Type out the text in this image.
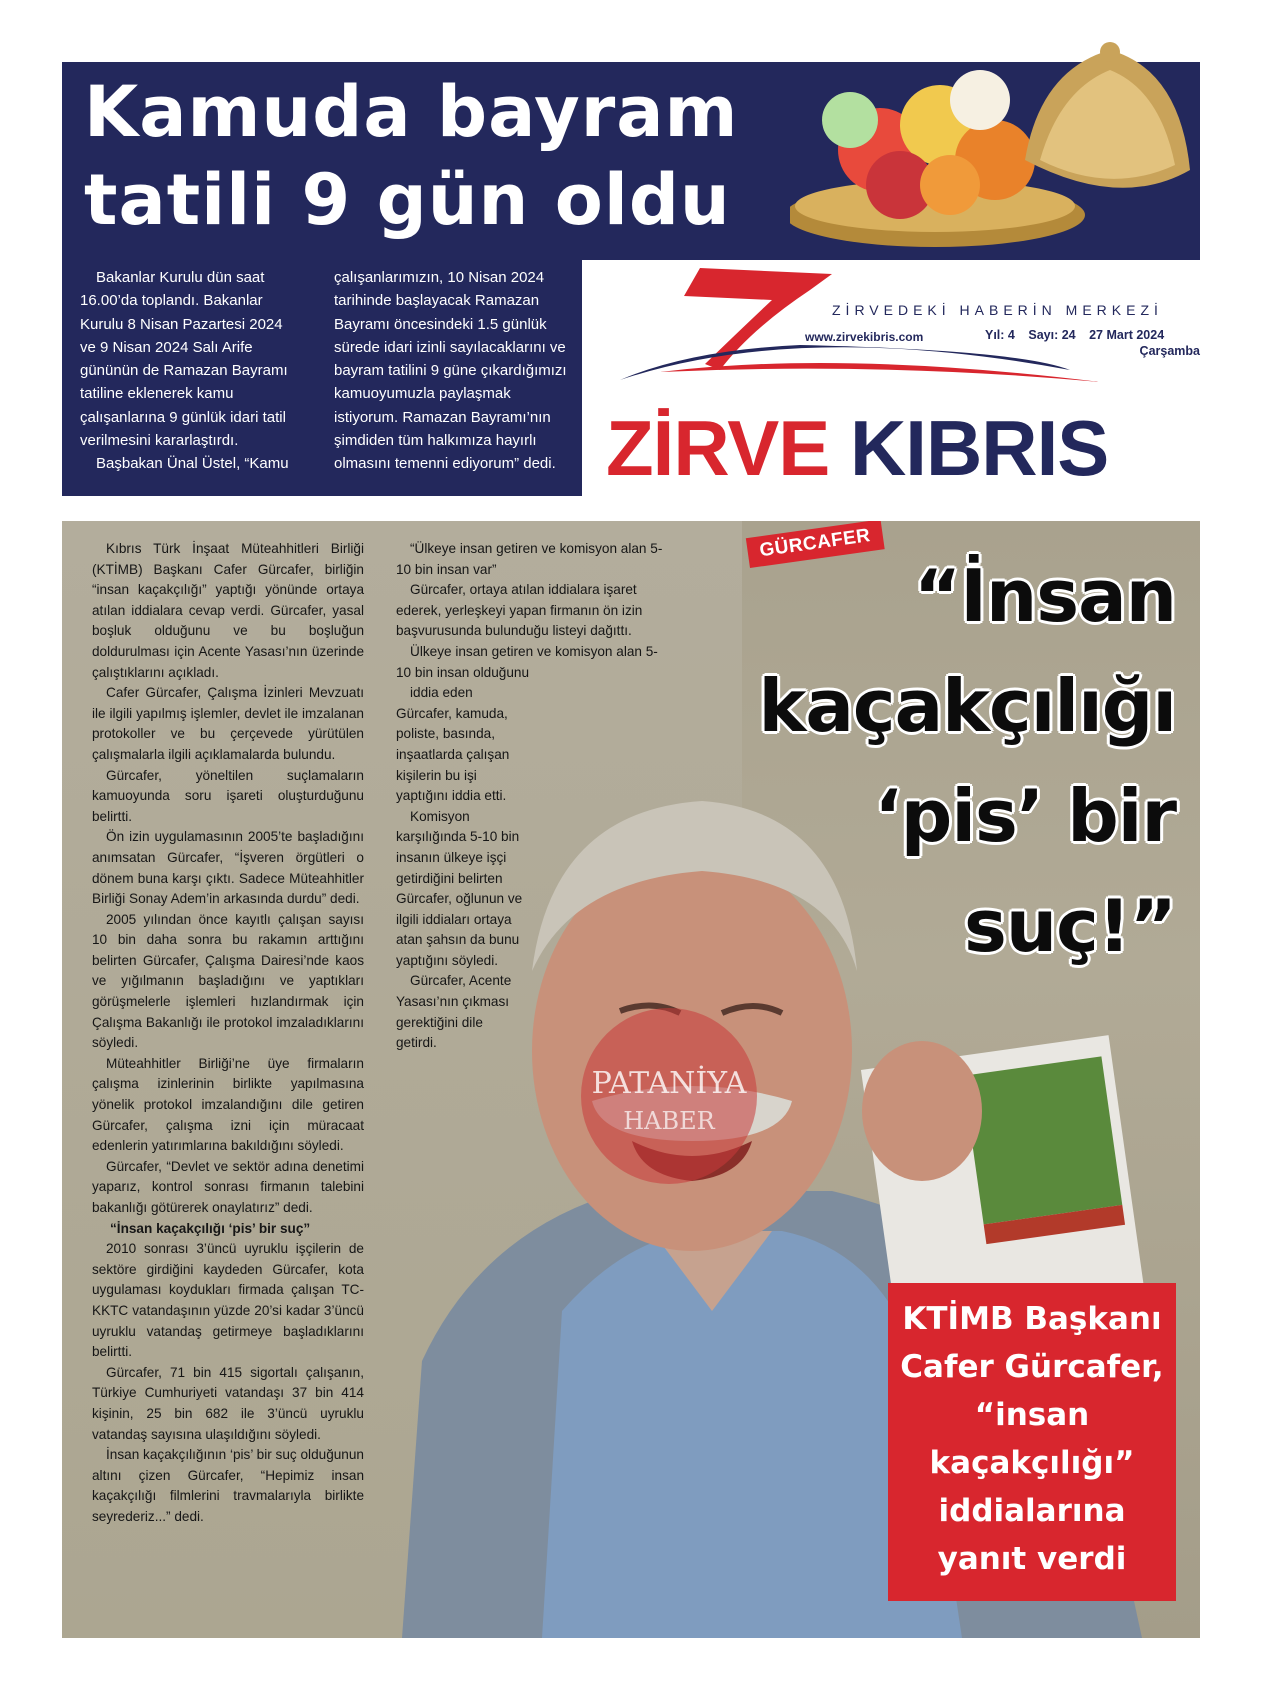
Kamuda bayram tatili 9 gün oldu

Bakanlar Kurulu dün saat 16.00’da toplandı. Bakanlar Kurulu 8 Nisan Pazartesi 2024 ve 9 Nisan 2024 Salı Arife gününün de Ramazan Bayramı tatiline eklenerek kamu çalışanlarına 9 günlük idari tatil verilmesini kararlaştırdı.

Başbakan Ünal Üstel, “Kamu

çalışanlarımızın, 10 Nisan 2024 tarihinde başlayacak Ramazan Bayramı öncesindeki 1.5 günlük sürede idari izinli sayılacaklarını ve bayram tatilini 9 güne çıkardığımızı kamuoyumuzla paylaşmak istiyorum. Ramazan Bayramı’nın şimdiden tüm halkımıza hayırlı olmasını temenni ediyorum” dedi.

ZİRVEDEKİ HABERİN MERKEZİ
www.zirvekibris.com	Yıl: 4 Sayı: 24 27 Mart 2024
Çarşamba
ZİRVE KIBRIS

Kıbrıs Türk İnşaat Müteahhitleri Birliği (KTİMB) Başkanı Cafer Gürcafer, birliğin “insan kaçakçılığı” yaptığı yönünde ortaya atılan iddialara cevap verdi. Gürcafer, yasal boşluk olduğunu ve bu boşluğun doldurulması için Acente Yasası’nın üzerinde çalıştıklarını açıkladı.

Cafer Gürcafer, Çalışma İzinleri Mevzuatı ile ilgili yapılmış işlemler, devlet ile imzalanan protokoller ve bu çerçevede yürütülen çalışmalarla ilgili açıklamalarda bulundu.

Gürcafer, yöneltilen suçlamaların kamuoyunda soru işareti oluşturduğunu belirtti.

Ön izin uygulamasının 2005’te başladığını anımsatan Gürcafer, “İşveren örgütleri o dönem buna karşı çıktı. Sadece Müteahhitler Birliği Sonay Adem’in arkasında durdu” dedi.

2005 yılından önce kayıtlı çalışan sayısı 10 bin daha sonra bu rakamın arttığını belirten Gürcafer, Çalışma Dairesi’nde kaos ve yığılmanın başladığını ve yaptıkları görüşmelerle işlemleri hızlandırmak için Çalışma Bakanlığı ile protokol imzaladıklarını söyledi.

Müteahhitler Birliği’ne üye firmaların çalışma izinlerinin birlikte yapılmasına yönelik protokol imzalandığını dile getiren Gürcafer, çalışma izni için müracaat edenlerin yatırımlarına bakıldığını söyledi.

Gürcafer, “Devlet ve sektör adına denetimi yaparız, kontrol sonrası firmanın talebini bakanlığı götürerek onaylatırız” dedi.

“İnsan kaçakçılığı ‘pis’ bir suç”

2010 sonrası 3’üncü uyruklu işçilerin de sektöre girdiğini kaydeden Gürcafer, kota uygulaması koydukları firmada çalışan TC-KKTC vatandaşının yüzde 20’si kadar 3’üncü uyruklu vatandaş getirmeye başladıklarını belirtti.

Gürcafer, 71 bin 415 sigortalı çalışanın, Türkiye Cumhuriyeti vatandaşı 37 bin 414 kişinin, 25 bin 682 ile 3’üncü uyruklu vatandaş sayısına ulaşıldığını söyledi.

İnsan kaçakçılığının ‘pis’ bir suç olduğunun altını çizen Gürcafer, “Hepimiz insan kaçakçılığı filmlerini travmalarıyla birlikte seyrederiz...” dedi.

“Ülkeye insan getiren ve komisyon alan 5-10 bin insan var”

Gürcafer, ortaya atılan iddialara işaret ederek, yerleşkeyi yapan firmanın ön izin başvurusunda bulunduğu listeyi dağıttı.

Ülkeye insan getiren ve komisyon alan 5-10 bin insan olduğunu

iddia eden Gürcafer, kamuda, poliste, basında, inşaatlarda çalışan kişilerin bu işi yaptığını iddia etti.

Komisyon karşılığında 5-10 bin insanın ülkeye işçi getirdiğini belirten Gürcafer, oğlunun ve ilgili iddiaları ortaya atan şahsın da bunu yaptığını söyledi.

Gürcafer, Acente Yasası’nın çıkması gerektiğini dile getirdi.

GÜRCAFER
“İnsan kaçakçılığı ‘pis’ bir suç!”
PATANİYA
HABER

KTİMB Başkanı Cafer Gürcafer, “insan kaçakçılığı” iddialarına yanıt verdi
